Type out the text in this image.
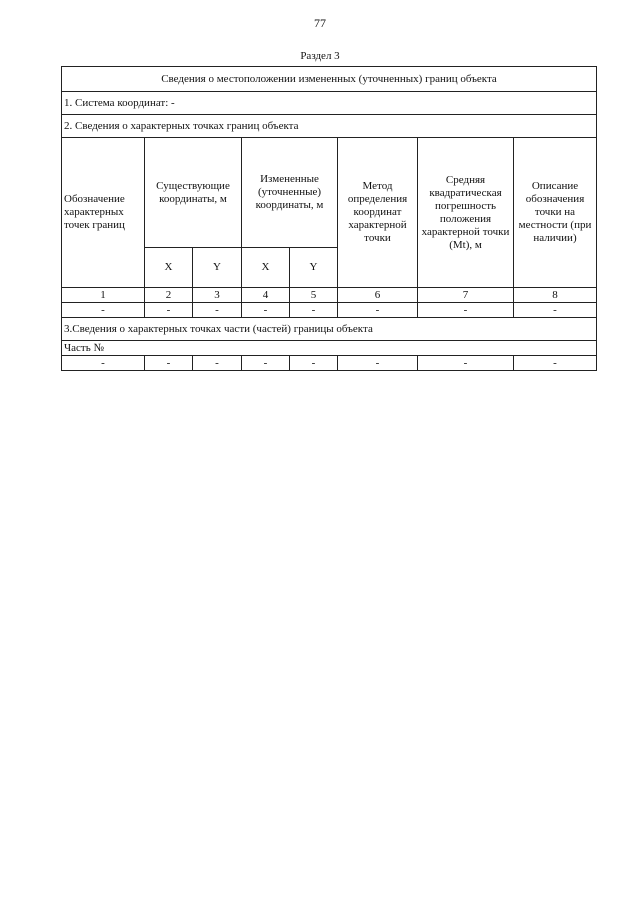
77
Раздел 3
Сведения о местоположении измененных (уточненных) границ объекта							
1. Система координат: -							
2. Сведения о характерных точках границ объекта							
Обозначение характерных точек границ	Существующие координаты, м		Измененные (уточненные) координаты, м		Метод определения координат характерной точки	Средняя квадратическая погрешность положения характерной точки (Mt), м	Описание обозначения точки на местности (при наличии)
	X	Y	X	Y			
1	2	3	4	5	6	7	8
-	-	-	-	-	-	-	-
3.Сведения о характерных точках части (частей) границы объекта							
Часть №							
-	-	-	-	-	-	-	-
